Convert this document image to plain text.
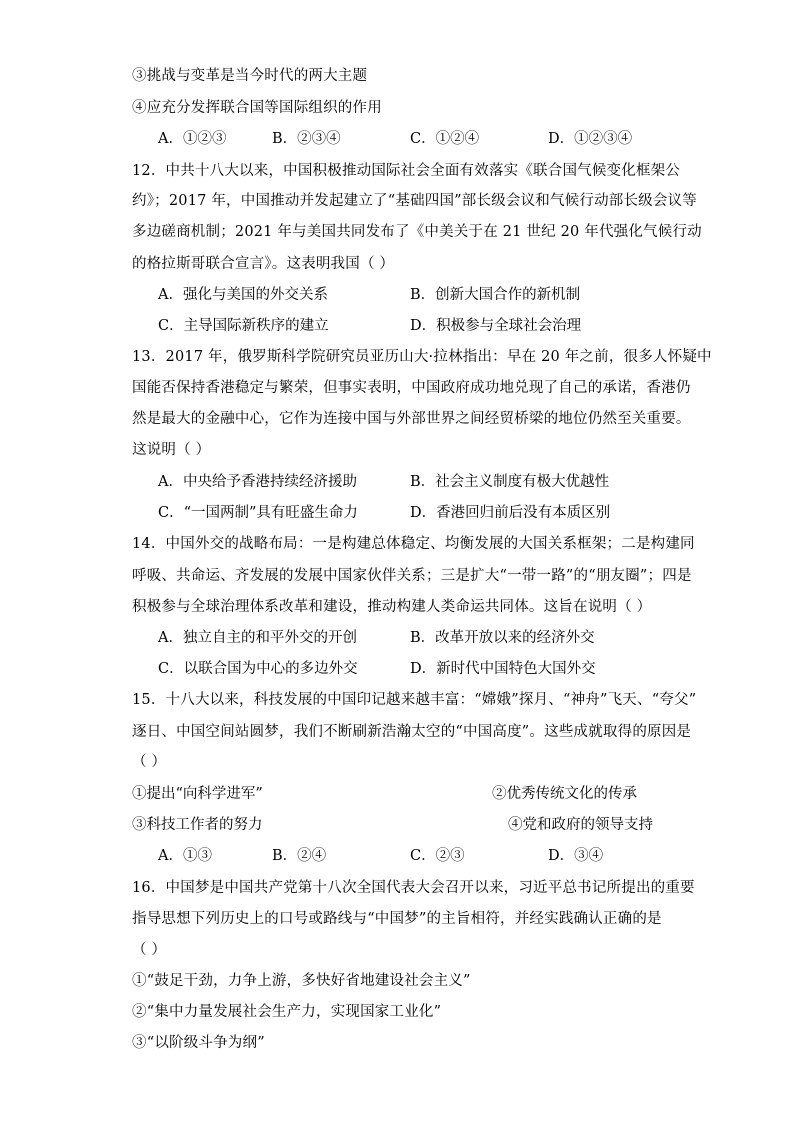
③挑战与变革是当今时代的两大主题
④应充分发挥联合国等国际组织的作用
A．①②③	B．②③④	C．①②④	D．①②③④
12．中共十八大以来，中国积极推动国际社会全面有效落实《联合国气候变化框架公
约》；2017 年，中国推动并发起建立了“基础四国”部长级会议和气候行动部长级会议等
多边磋商机制；2021 年与美国共同发布了《中美关于在 21 世纪 20 年代强化气候行动
的格拉斯哥联合宣言》。这表明我国（ ）
A．强化与美国的外交关系	B．创新大国合作的新机制
C．主导国际新秩序的建立	D．积极参与全球社会治理
13．2017 年，俄罗斯科学院研究员亚历山大·拉林指出：早在 20 年之前，很多人怀疑中
国能否保持香港稳定与繁荣，但事实表明，中国政府成功地兑现了自己的承诺，香港仍
然是最大的金融中心，它作为连接中国与外部世界之间经贸桥梁的地位仍然至关重要。
这说明（ ）
A．中央给予香港持续经济援助	B．社会主义制度有极大优越性
C．“一国两制”具有旺盛生命力	D．香港回归前后没有本质区别
14．中国外交的战略布局：一是构建总体稳定、均衡发展的大国关系框架；二是构建同
呼吸、共命运、齐发展的发展中国家伙伴关系；三是扩大“一带一路”的“朋友圈”；四是
积极参与全球治理体系改革和建设，推动构建人类命运共同体。这旨在说明（ ）
A．独立自主的和平外交的开创	B．改革开放以来的经济外交
C．以联合国为中心的多边外交	D．新时代中国特色大国外交
15．十八大以来，科技发展的中国印记越来越丰富：“嫦娥”探月、“神舟”飞天、“夸父”
逐日、中国空间站圆梦，我们不断刷新浩瀚太空的“中国高度”。这些成就取得的原因是
（ ）
①提出“向科学进军”	②优秀传统文化的传承
③科技工作者的努力	④党和政府的领导支持
A．①③	B．②④	C．②③	D．③④
16．中国梦是中国共产党第十八次全国代表大会召开以来，习近平总书记所提出的重要
指导思想下列历史上的口号或路线与“中国梦”的主旨相符，并经实践确认正确的是
（ ）
①“鼓足干劲，力争上游，多快好省地建设社会主义”
②“集中力量发展社会生产力，实现国家工业化”
③“以阶级斗争为纲”
